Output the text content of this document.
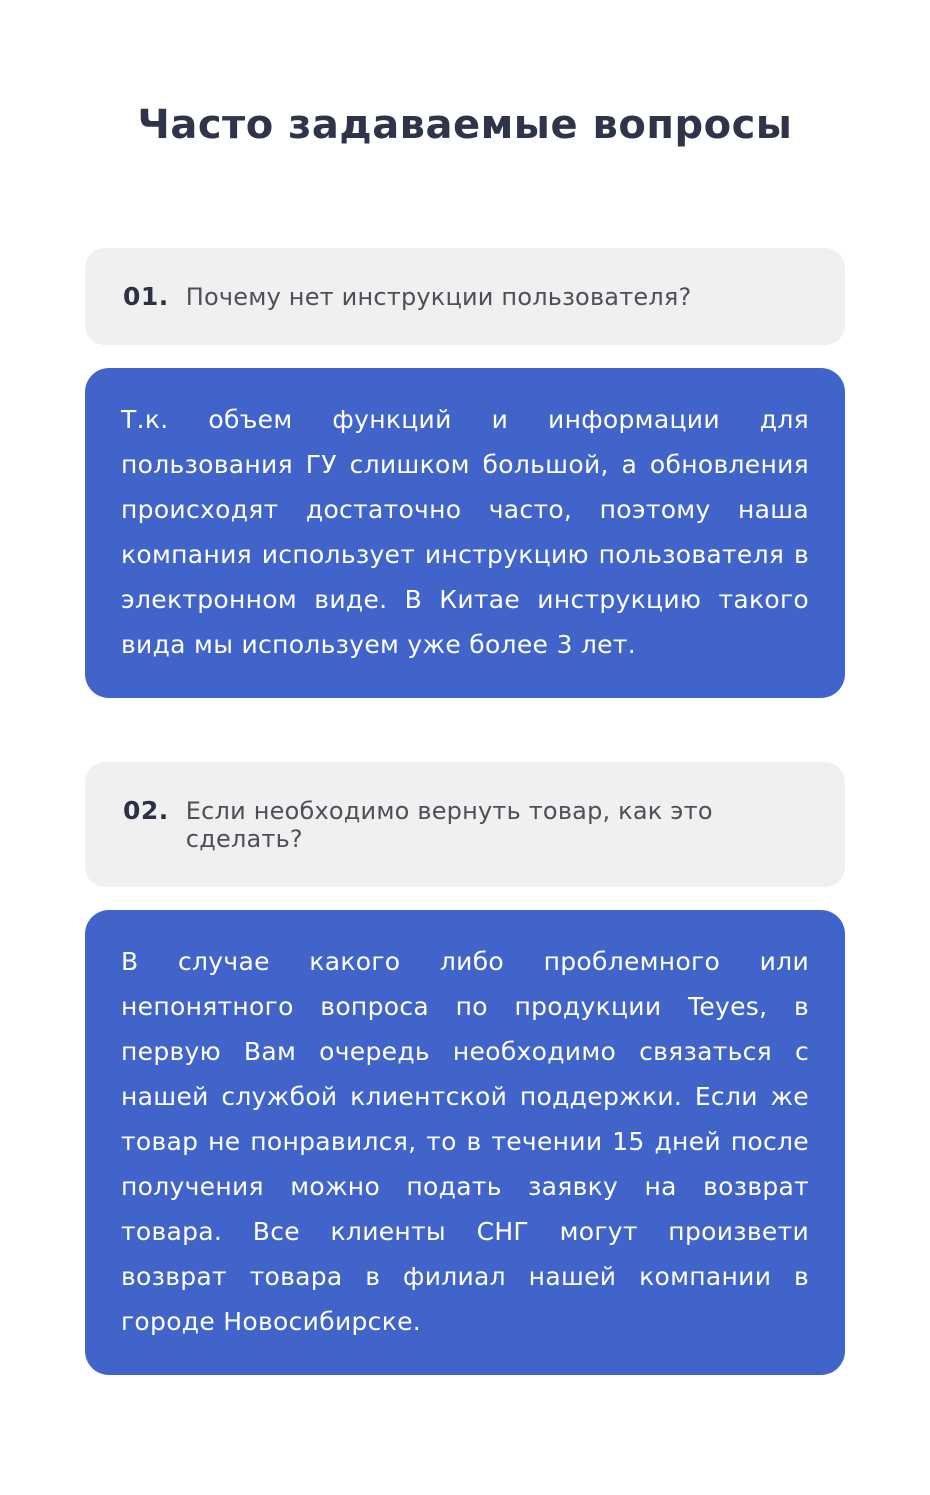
Часто задаваемые вопросы
01. Почему нет инструкции пользователя?

Т.к. объем функций и информации для пользования ГУ слишком большой, а обновления происходят достаточно часто, поэтому наша компания использует инструкцию пользователя в электронном виде. В Китае инструкцию такого вида мы используем уже более 3 лет.

02. Если необходимо вернуть товар, как это сделать?

В случае какого либо проблемного или непонятного вопроса по продукции Teyes, в первую Вам очередь необходимо связаться с нашей службой клиентской поддержки. Если же товар не понравился, то в течении 15 дней после получения можно подать заявку на возврат товара. Все клиенты СНГ могут произвети возврат товара в филиал нашей компании в городе Новосибирске.
